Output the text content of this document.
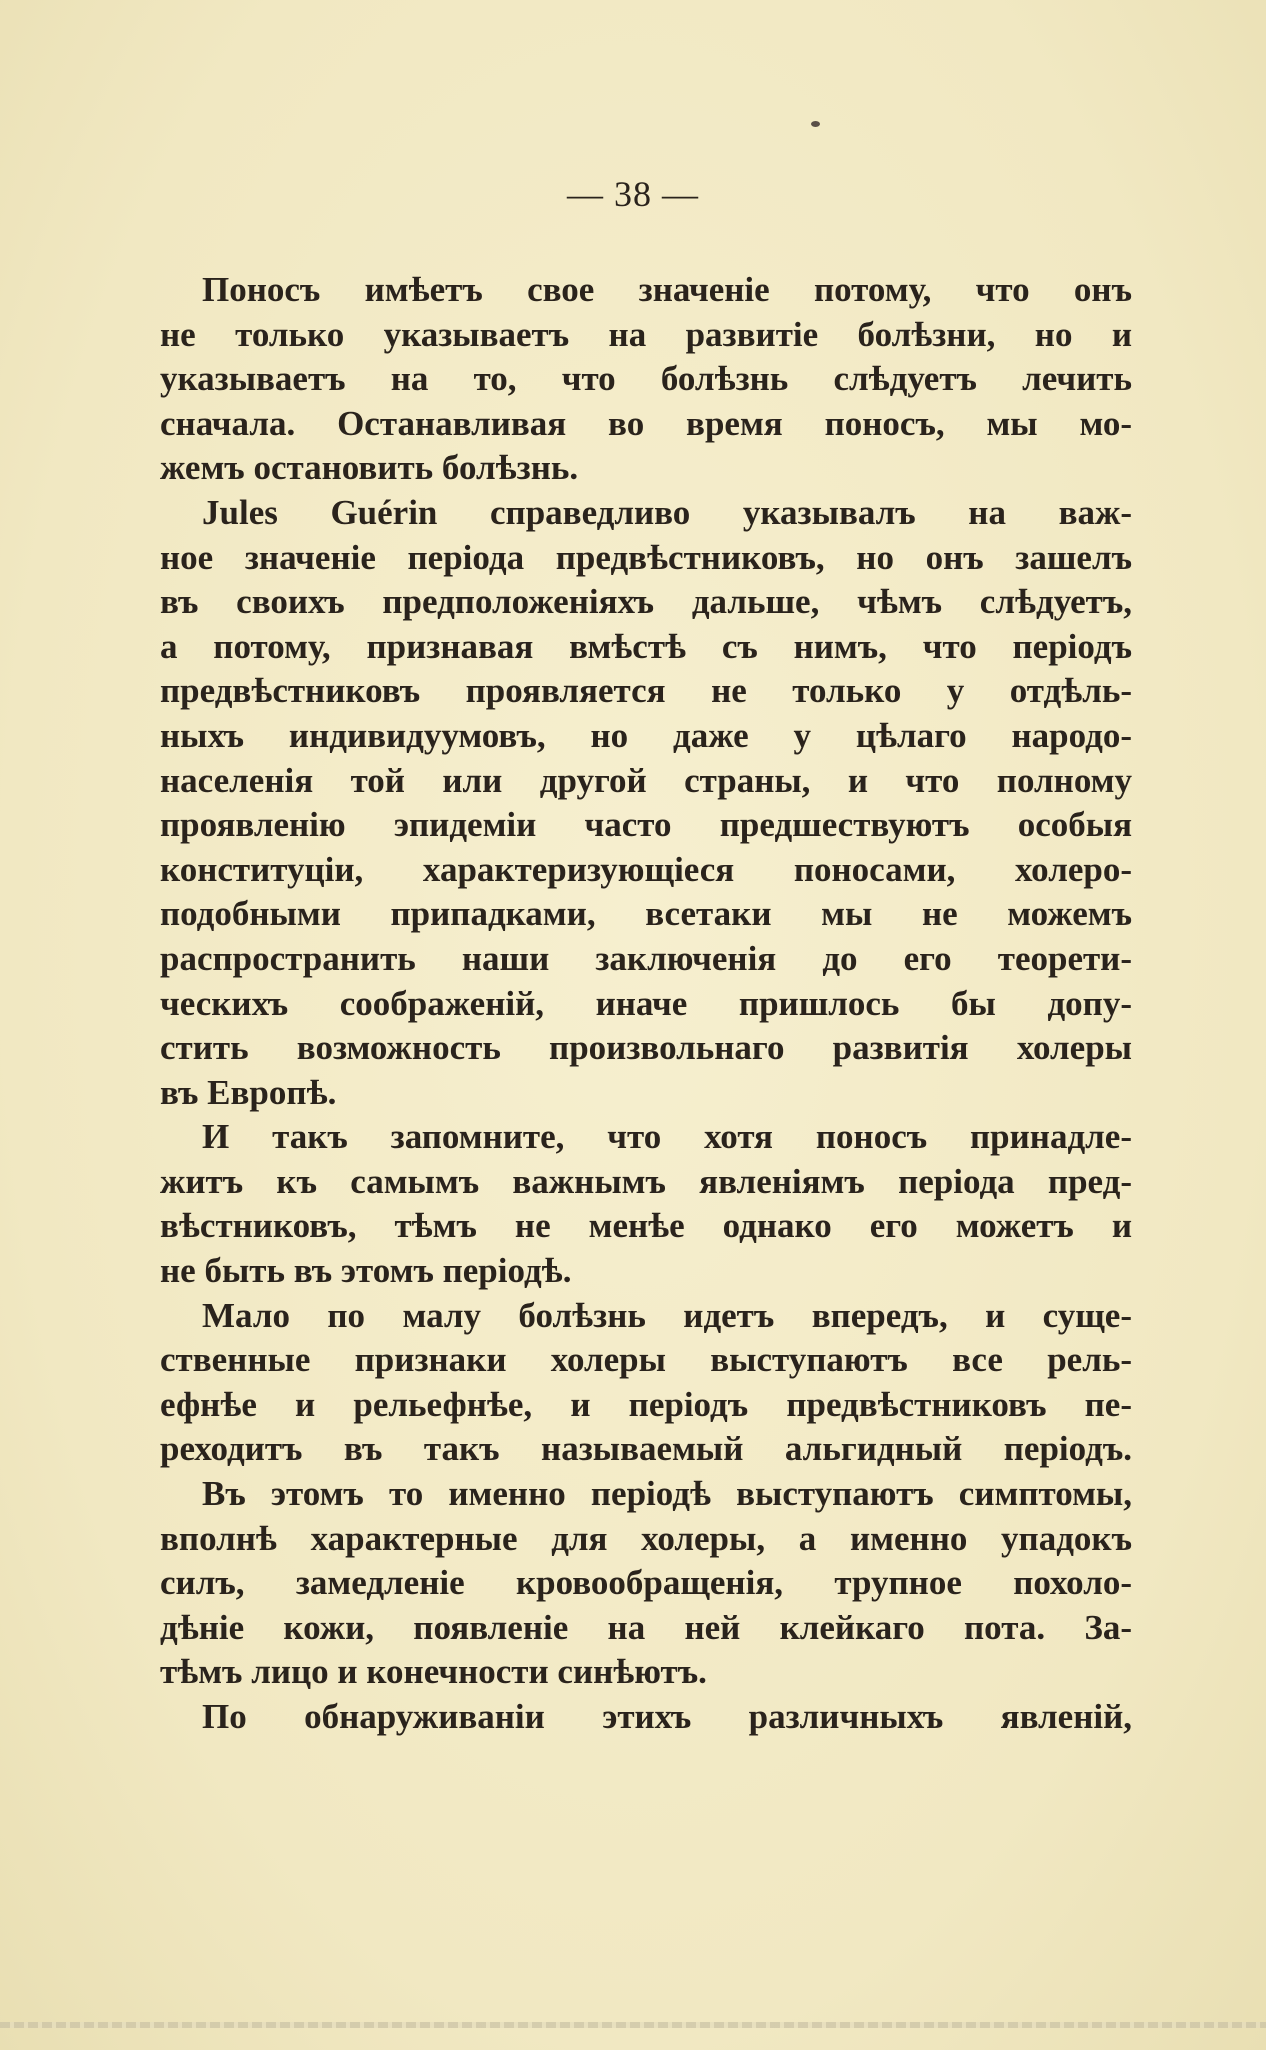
— 38 —
Поносъ имѣетъ свое значеніе потому, что онъ
не только указываетъ на развитіе болѣзни, но и
указываетъ на то, что болѣзнь слѣдуетъ лечить
сначала. Останавливая во время поносъ, мы мо-
жемъ остановить болѣзнь.
Jules Guérin справедливо указывалъ на важ-
ное значеніе періода предвѣстниковъ, но онъ зашелъ
въ своихъ предположеніяхъ дальше, чѣмъ слѣдуетъ,
а потому, признавая вмѣстѣ съ нимъ, что періодъ
предвѣстниковъ проявляется не только у отдѣль-
ныхъ индивидуумовъ, но даже у цѣлаго народо-
населенія той или другой страны, и что полному
проявленію эпидеміи часто предшествуютъ особыя
конституціи, характеризующіеся поносами, холеро-
подобными припадками, всетаки мы не можемъ
распространить наши заключенія до его теорети-
ческихъ соображеній, иначе пришлось бы допу-
стить возможность произвольнаго развитія холеры
въ Европѣ.
И такъ запомните, что хотя поносъ принадле-
житъ къ самымъ важнымъ явленіямъ періода пред-
вѣстниковъ, тѣмъ не менѣе однако его можетъ и
не быть въ этомъ періодѣ.
Мало по малу болѣзнь идетъ впередъ, и суще-
ственные признаки холеры выступаютъ все рель-
ефнѣе и рельефнѣе, и періодъ предвѣстниковъ пе-
реходитъ въ такъ называемый альгидный періодъ.
Въ этомъ то именно періодѣ выступаютъ симптомы,
вполнѣ характерные для холеры, а именно упадокъ
силъ, замедленіе кровообращенія, трупное похоло-
дѣніе кожи, появленіе на ней клейкаго пота. За-
тѣмъ лицо и конечности синѣютъ.
По обнаруживаніи этихъ различныхъ явленій,
